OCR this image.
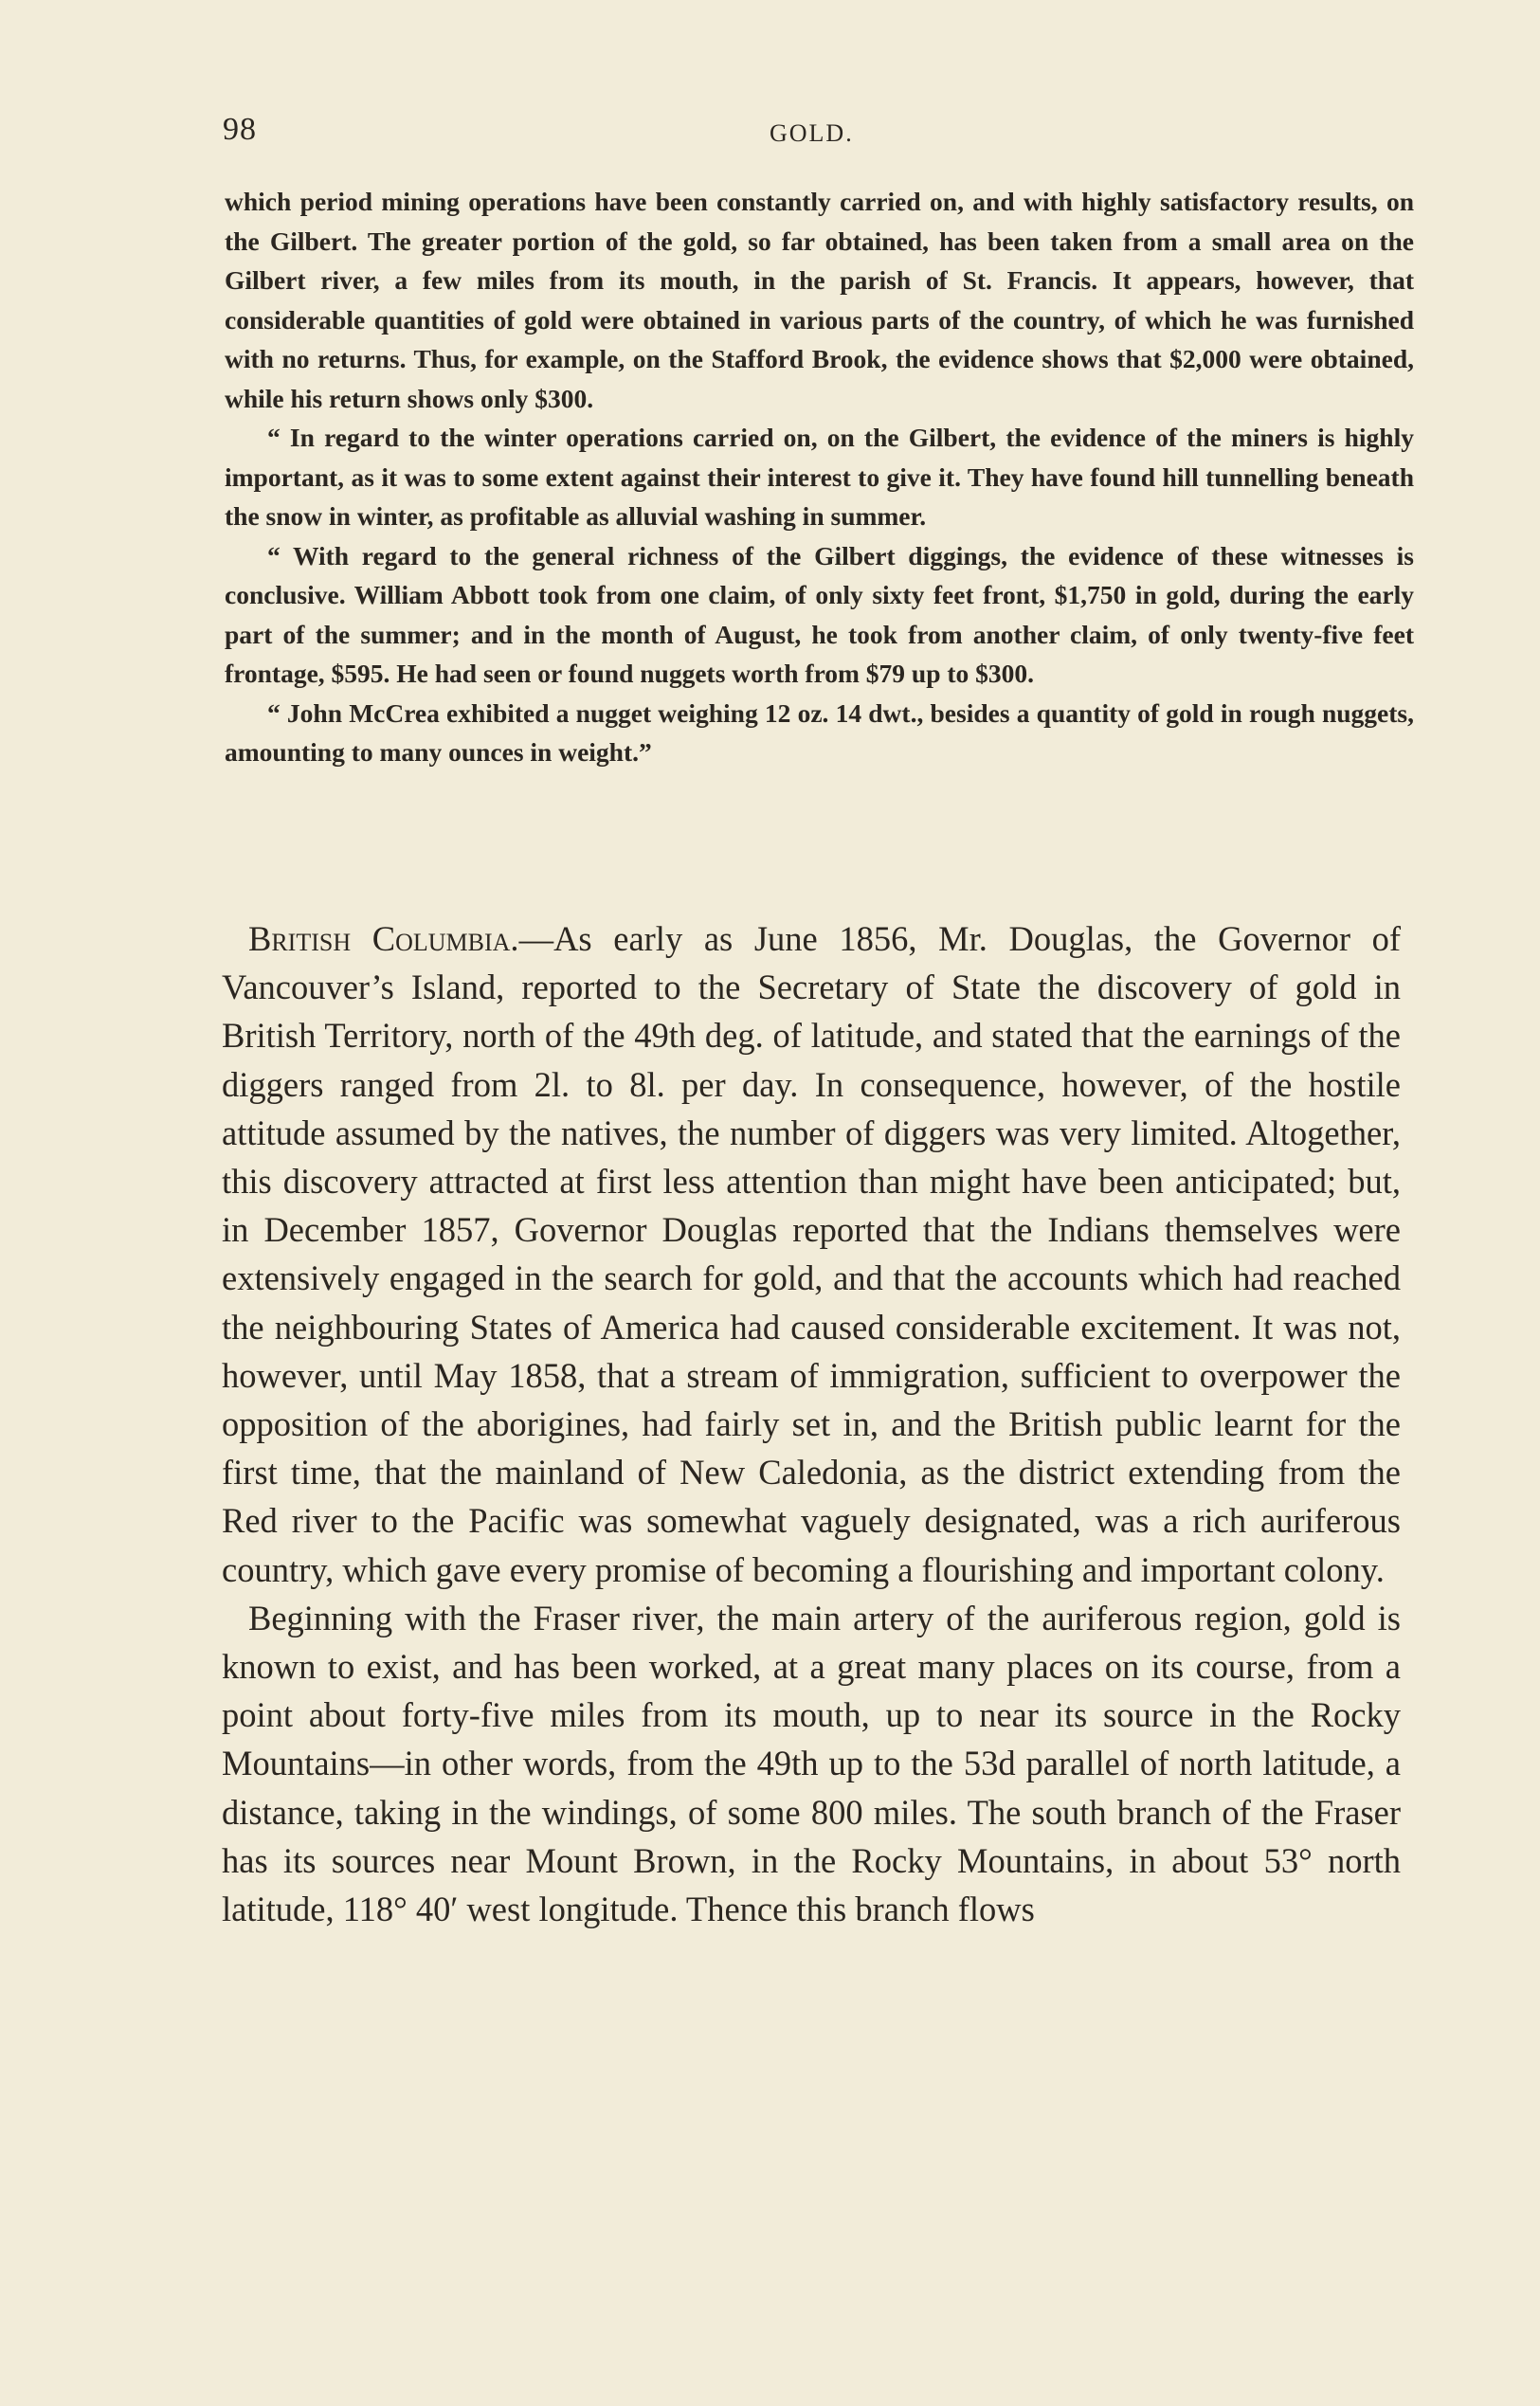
98	GOLD.

which period mining operations have been constantly carried on, and with highly satisfactory results, on the Gilbert. The greater portion of the gold, so far obtained, has been taken from a small area on the Gilbert river, a few miles from its mouth, in the parish of St. Francis. It appears, however, that considerable quantities of gold were obtained in various parts of the country, of which he was furnished with no returns. Thus, for example, on the Stafford Brook, the evidence shows that $2,000 were obtained, while his return shows only $300.

“ In regard to the winter operations carried on, on the Gilbert, the evidence of the miners is highly important, as it was to some extent against their interest to give it. They have found hill tunnelling beneath the snow in winter, as profitable as alluvial washing in summer.

“ With regard to the general richness of the Gilbert diggings, the evidence of these witnesses is conclusive. William Abbott took from one claim, of only sixty feet front, $1,750 in gold, during the early part of the summer; and in the month of August, he took from another claim, of only twenty-five feet frontage, $595. He had seen or found nuggets worth from $79 up to $300.

“ John McCrea exhibited a nugget weighing 12 oz. 14 dwt., besides a quantity of gold in rough nuggets, amounting to many ounces in weight.”

British Columbia.—As early as June 1856, Mr. Douglas, the Governor of Vancouver’s Island, reported to the Secretary of State the discovery of gold in British Territory, north of the 49th deg. of latitude, and stated that the earnings of the diggers ranged from 2l. to 8l. per day. In consequence, however, of the hostile attitude assumed by the natives, the number of diggers was very limited. Altogether, this discovery attracted at first less attention than might have been anticipated; but, in December 1857, Governor Douglas reported that the Indians themselves were extensively engaged in the search for gold, and that the accounts which had reached the neighbouring States of America had caused considerable excitement. It was not, however, until May 1858, that a stream of immigration, sufficient to overpower the opposition of the aborigines, had fairly set in, and the British public learnt for the first time, that the mainland of New Caledonia, as the district extending from the Red river to the Pacific was somewhat vaguely designated, was a rich auriferous country, which gave every promise of becoming a flourishing and important colony.

Beginning with the Fraser river, the main artery of the auriferous region, gold is known to exist, and has been worked, at a great many places on its course, from a point about forty-five miles from its mouth, up to near its source in the Rocky Mountains—in other words, from the 49th up to the 53d parallel of north latitude, a distance, taking in the windings, of some 800 miles. The south branch of the Fraser has its sources near Mount Brown, in the Rocky Mountains, in about 53° north latitude, 118° 40′ west longitude. Thence this branch flows
